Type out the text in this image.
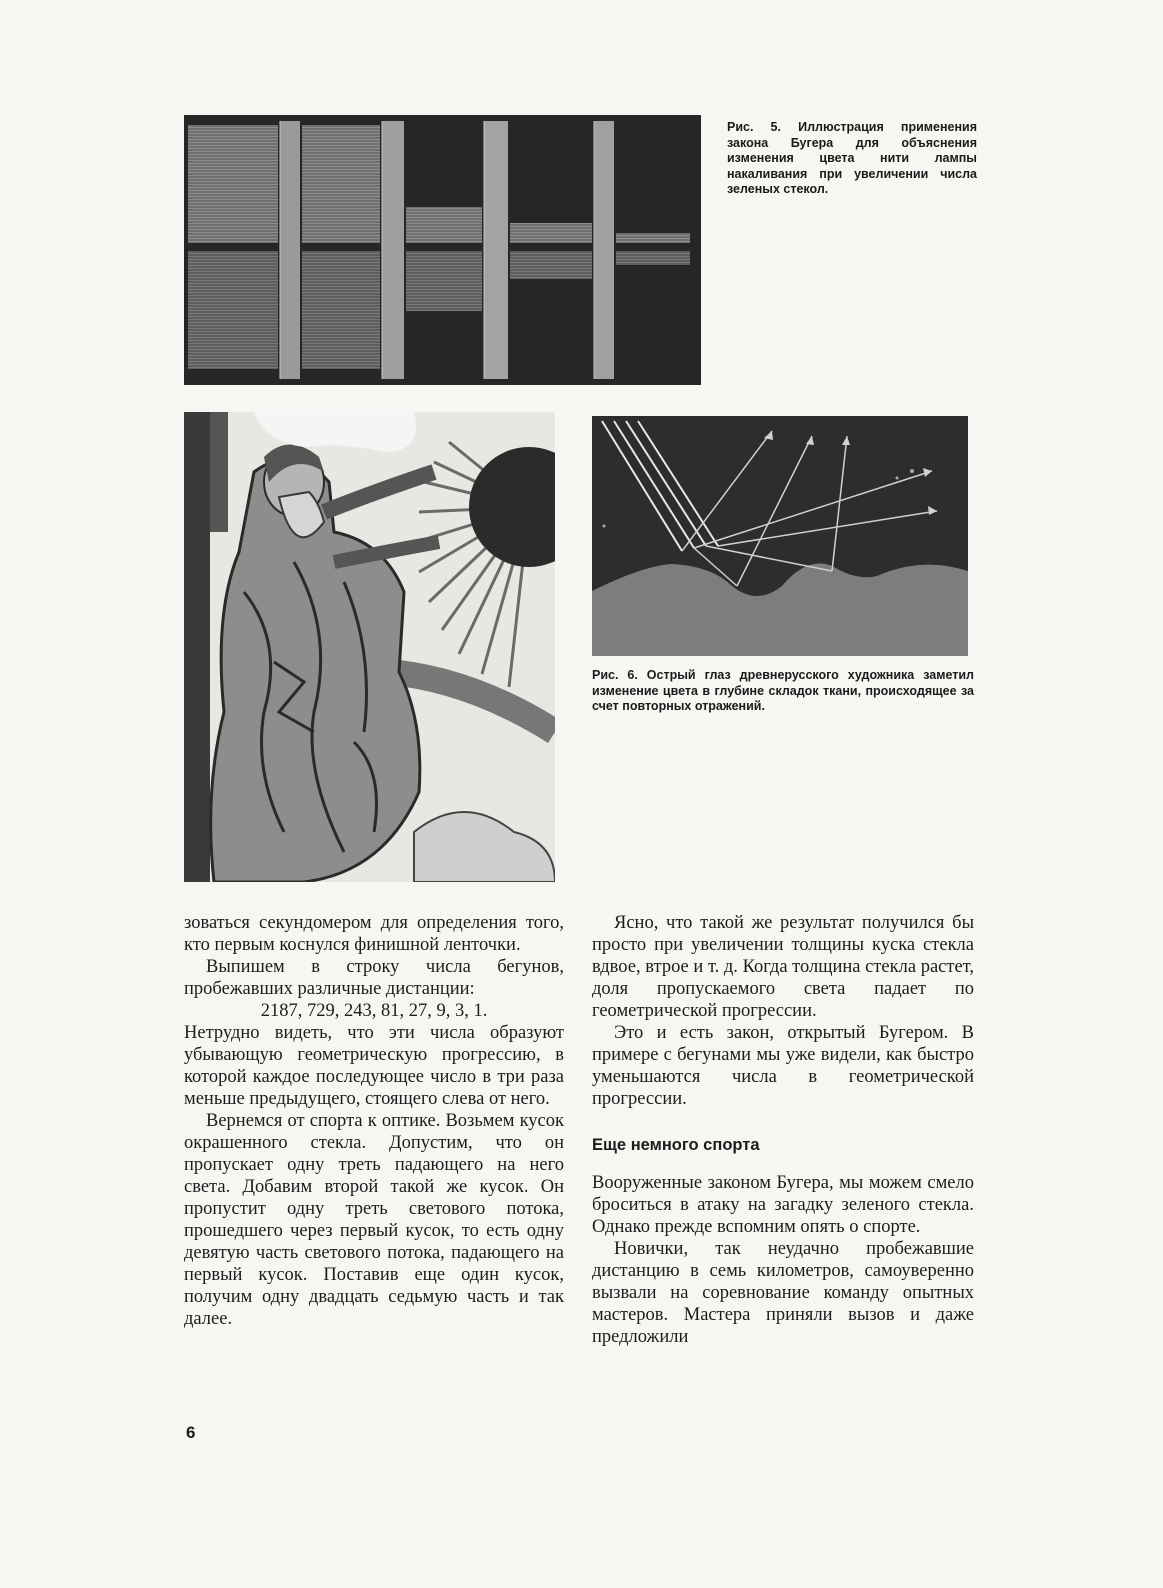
Рис. 5. Иллюстрация применения закона Бугера для объяснения изменения цвета нити лампы накаливания при увеличении числа зеленых стекол.
Рис. 6. Острый глаз древнерусского художника заметил изменение цвета в глубине складок ткани, происходящее за счет повторных отражений.

зоваться секундомером для определения того, кто первым коснулся финишной ленточки.

Выпишем в строку числа бегунов, пробежавших различные дистанции:

2187, 729, 243, 81, 27, 9, 3, 1.

Нетрудно видеть, что эти числа образуют убывающую геометрическую прогрессию, в которой каждое последующее число в три раза меньше предыдущего, стоящего слева от него.

Вернемся от спорта к оптике. Возьмем кусок окрашенного стекла. Допустим, что он пропускает одну треть падающего на него света. Добавим второй такой же кусок. Он пропустит одну треть светового потока, прошедшего через первый кусок, то есть одну девятую часть светового потока, падающего на первый кусок. Поставив еще один кусок, получим одну двадцать седьмую часть и так далее.

Ясно, что такой же результат получился бы просто при увеличении толщины куска стекла вдвое, втрое и т. д. Когда толщина стекла растет, доля пропускаемого света падает по геометрической прогрессии.

Это и есть закон, открытый Бугером. В примере с бегунами мы уже видели, как быстро уменьшаются числа в геометрической прогрессии.

Еще немного спорта

Вооруженные законом Бугера, мы можем смело броситься в атаку на загадку зеленого стекла. Однако прежде вспомним опять о спорте.

Новички, так неудачно пробежавшие дистанцию в семь километров, самоуверенно вызвали на соревнование команду опытных мастеров. Мастера приняли вызов и даже предложили

6
